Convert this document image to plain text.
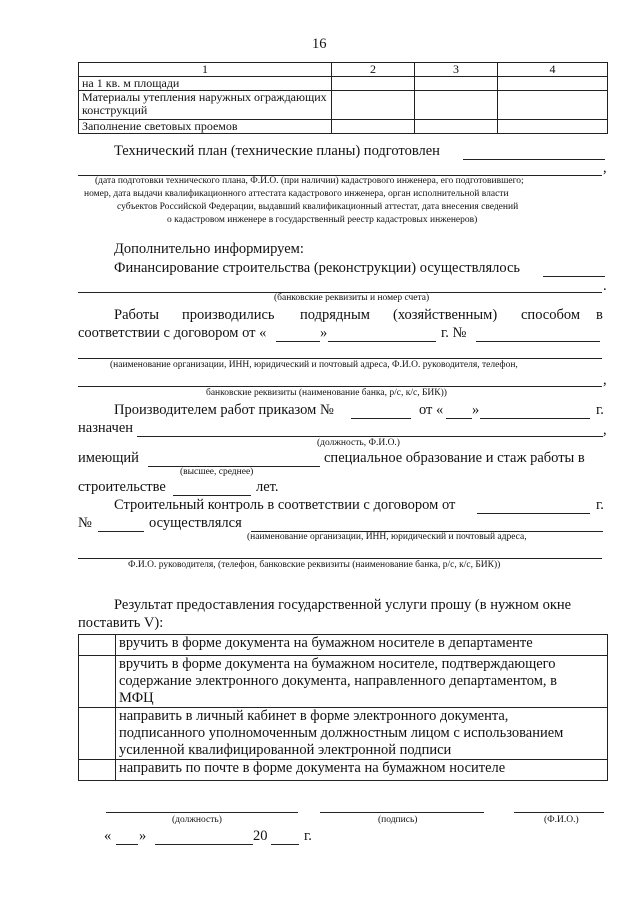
16
1	2	3	4
на 1 кв. м площади			
Материалы утепления наружных ограждающих конструкций			
Заполнение световых проемов			
Технический план (технические планы) подготовлен
,
(дата подготовки технического плана, Ф.И.О. (при наличии) кадастрового инженера, его подготовившего;
номер, дата выдачи квалификационного аттестата кадастрового инженера, орган исполнительной власти
субъектов Российской Федерации, выдавший квалификационный аттестат, дата внесения сведений
о кадастровом инженере в государственный реестр кадастровых инженеров)
Дополнительно информируем:
Финансирование строительства (реконструкции) осуществлялось
.
(банковские реквизиты и номер счета)
Работы производились подрядным (хозяйственным) способом в
соответствии с договором от «	»	г. №
(наименование организации, ИНН, юридический и почтовый адреса, Ф.И.О. руководителя, телефон,
,
банковские реквизиты (наименование банка, р/с, к/с, БИК))
Производителем работ приказом №	от « »	г.
назначен	,
(должность, Ф.И.О.)
имеющий	специальное образование и стаж работы в
(высшее, среднее)
строительстве	лет.
Строительный контроль в соответствии с договором от	г.
№	осуществлялся
(наименование организации, ИНН, юридический и почтовый адреса,
Ф.И.О. руководителя, (телефон, банковские реквизиты (наименование банка, р/с, к/с, БИК))
Результат предоставления государственной услуги прошу (в нужном окне
поставить V):

	вручить в форме документа на бумажном носителе в департаменте

	вручить в форме документа на бумажном носителе, подтверждающего
содержание электронного документа, направленного департаментом, в
МФЦ

	направить в личный кабинет в форме электронного документа,
подписанного уполномоченным должностным лицом с использованием
усиленной квалифицированной электронной подписи

	направить по почте в форме документа на бумажном носителе
(должность)	(подпись)	(Ф.И.О.)
« »	20	г.
